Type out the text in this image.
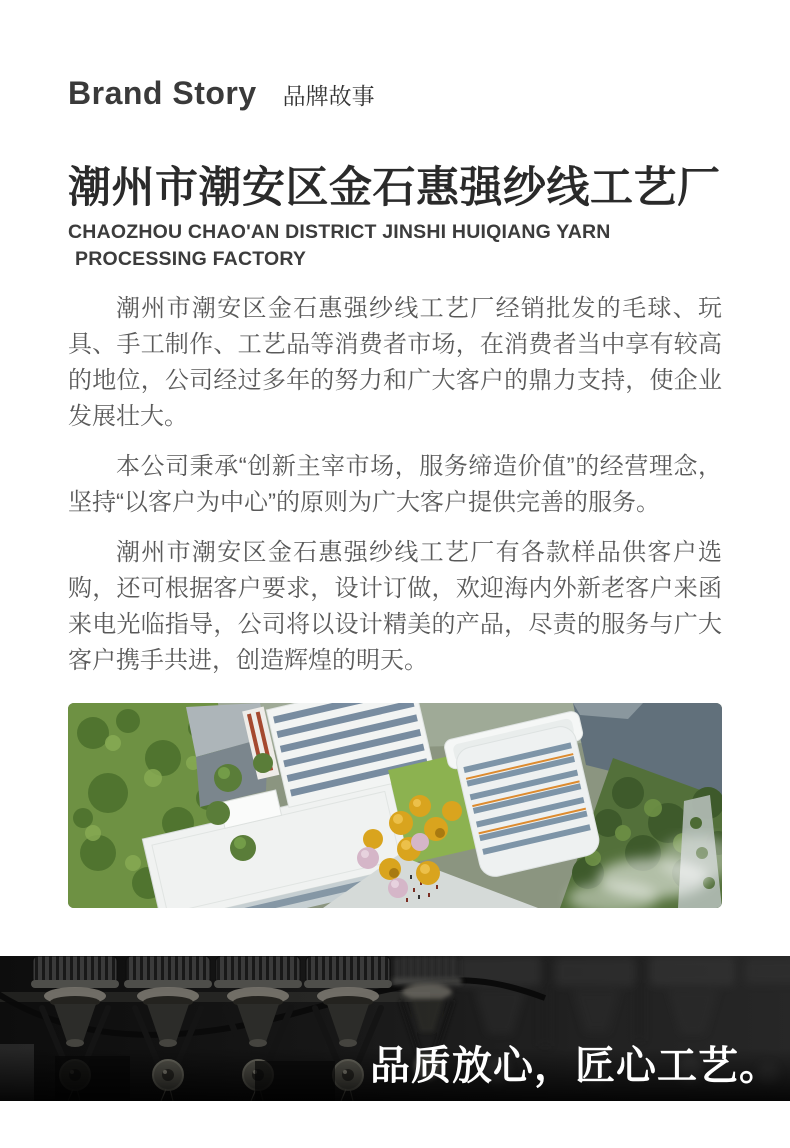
Brand Story 品牌故事
潮州市潮安区金石惠强纱线工艺厂
CHAOZHOU CHAO'AN DISTRICT JINSHI HUIQIANG YARN
PROCESSING FACTORY

潮州市潮安区金石惠强纱线工艺厂经销批发的毛球、玩具、手工制作、工艺品等消费者市场，在消费者当中享有较高的地位，公司经过多年的努力和广大客户的鼎力支持，使企业发展壮大。

本公司秉承“创新主宰市场，服务缔造价值”的经营理念，坚持“以客户为中心”的原则为广大客户提供完善的服务。

潮州市潮安区金石惠强纱线工艺厂有各款样品供客户选购，还可根据客户要求，设计订做，欢迎海内外新老客户来函来电光临指导，公司将以设计精美的产品，尽责的服务与广大客户携手共进，创造辉煌的明天。

品质放心，匠心工艺。
